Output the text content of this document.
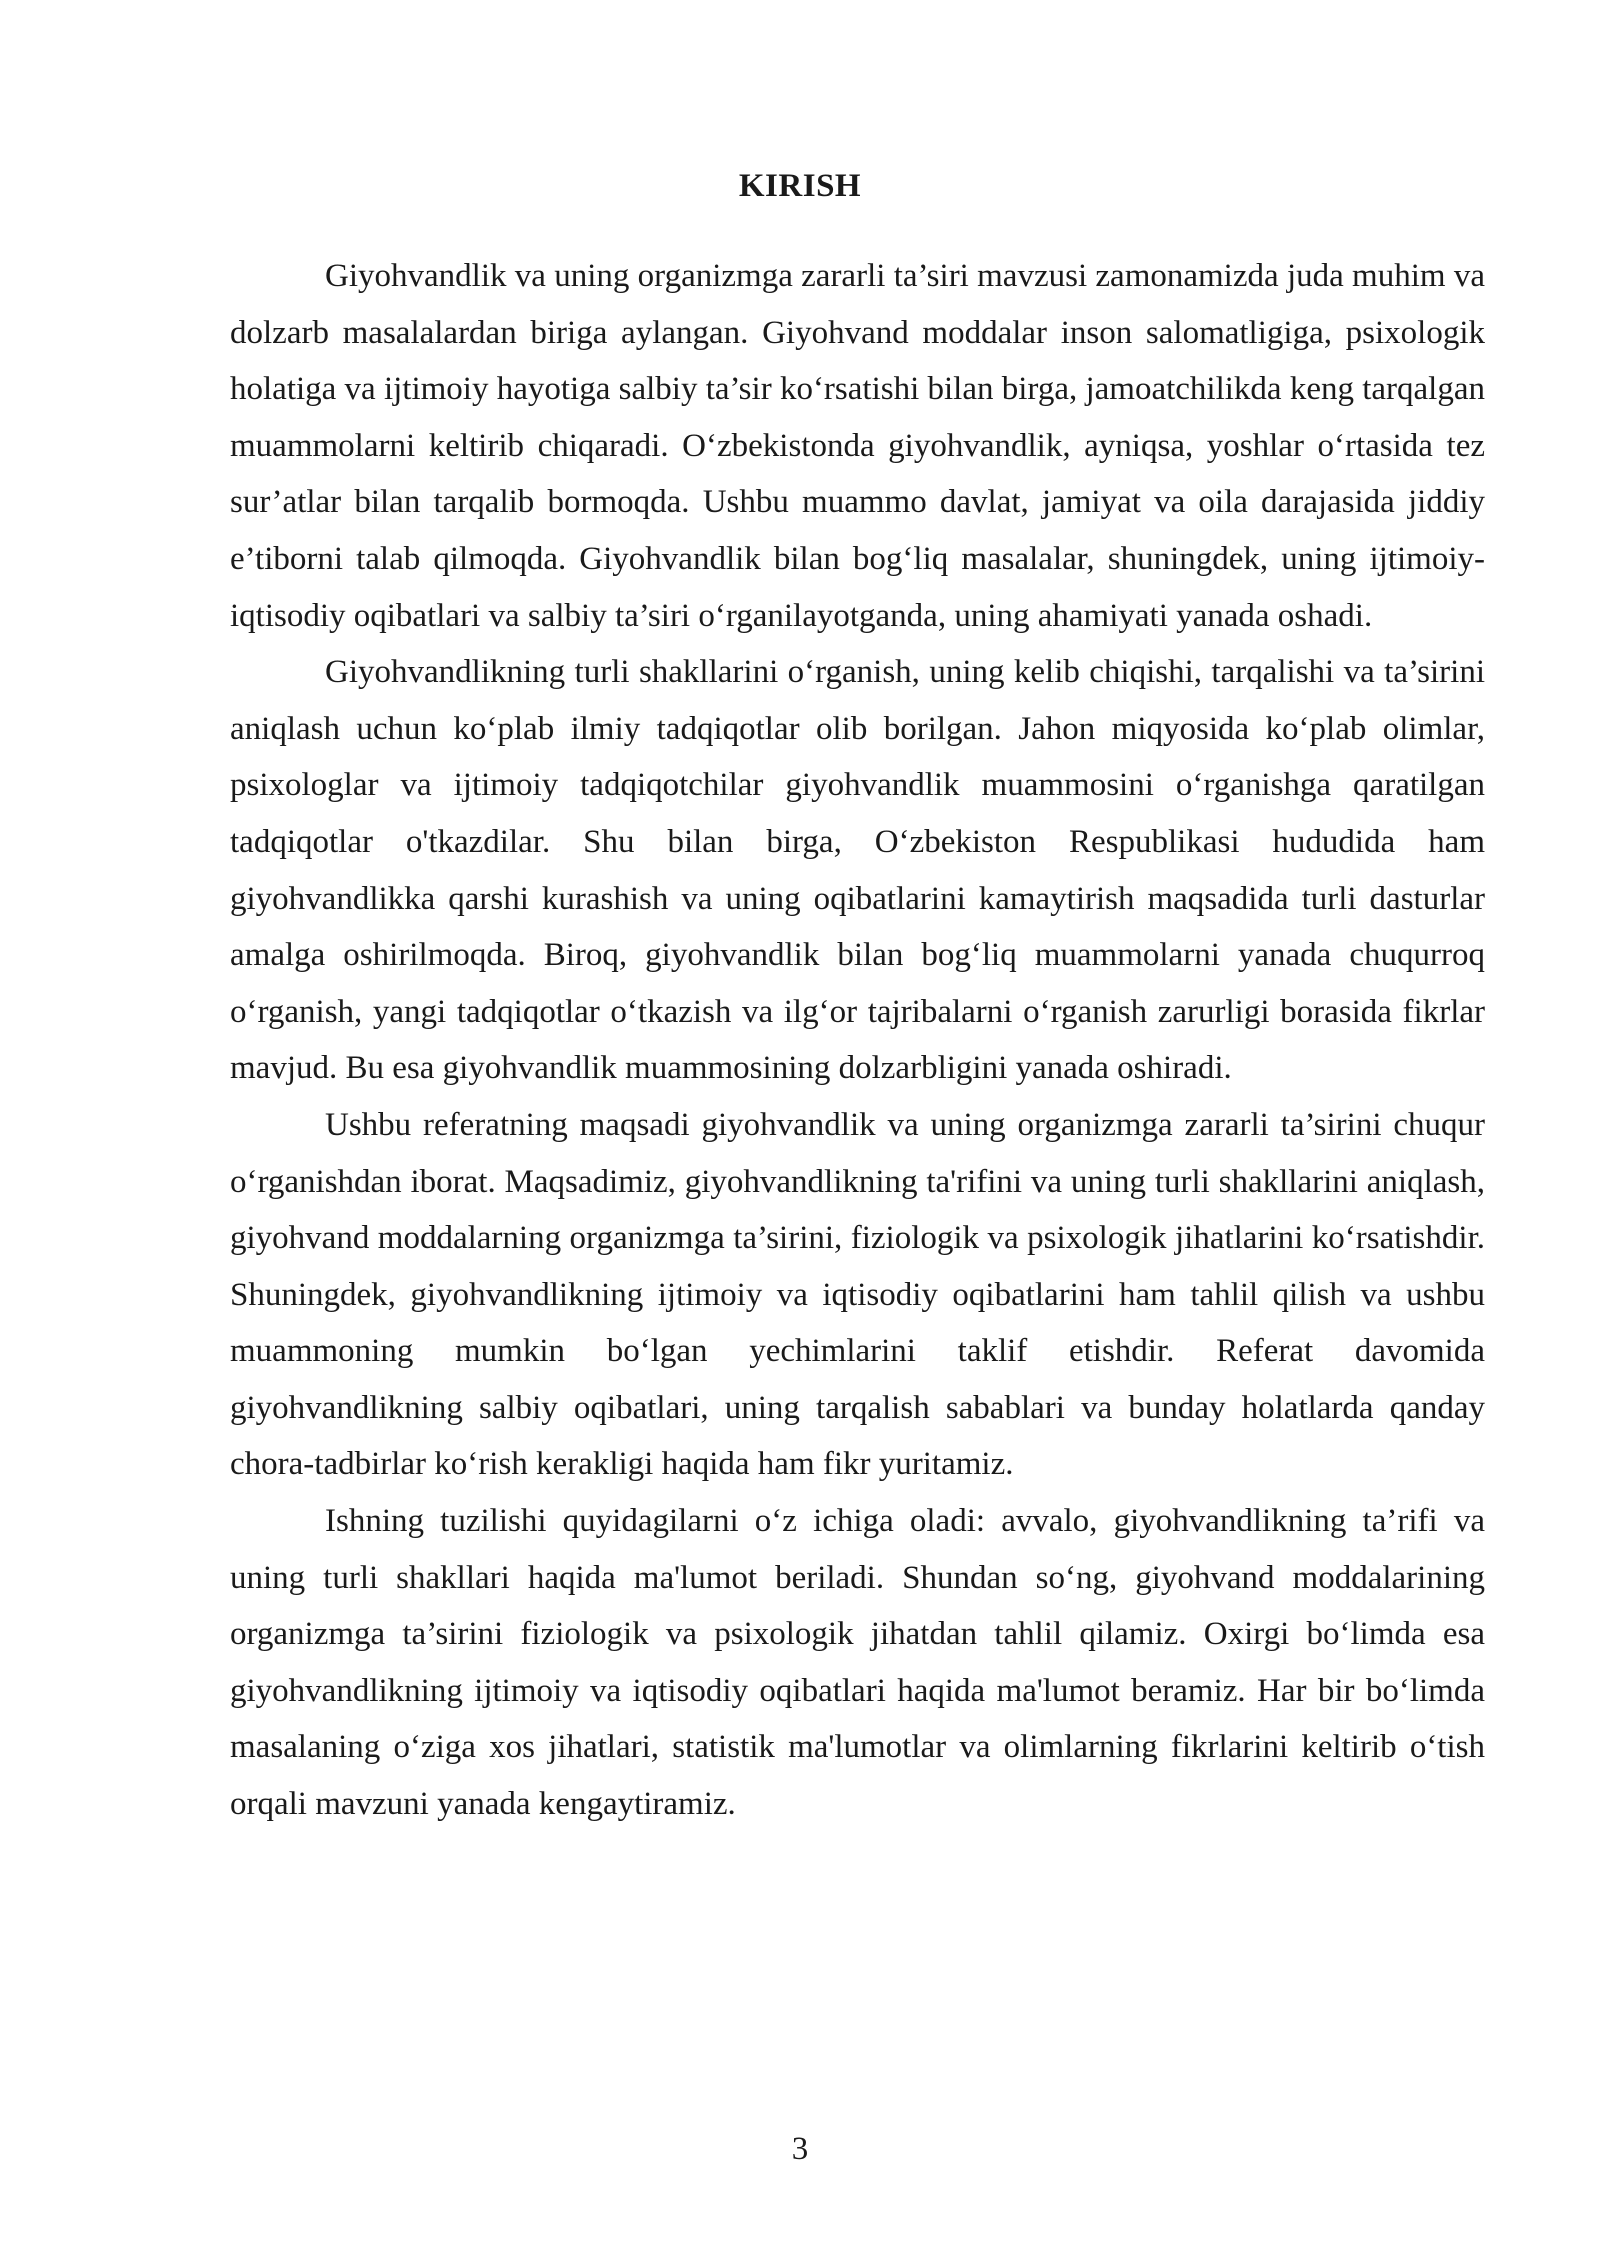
KIRISH

Giyohvandlik va uning organizmga zararli ta’siri mavzusi zamonamizda juda muhim va dolzarb masalalardan biriga aylangan. Giyohvand moddalar inson salomatligiga, psixologik holatiga va ijtimoiy hayotiga salbiy ta’sir ko‘rsatishi bilan birga, jamoatchilikda keng tarqalgan muammolarni keltirib chiqaradi. O‘zbekistonda giyohvandlik, ayniqsa, yoshlar o‘rtasida tez sur’atlar bilan tarqalib bormoqda. Ushbu muammo davlat, jamiyat va oila darajasida jiddiy e’tiborni talab qilmoqda. Giyohvandlik bilan bog‘liq masalalar, shuningdek, uning ijtimoiy-iqtisodiy oqibatlari va salbiy ta’siri o‘rganilayotganda, uning ahamiyati yanada oshadi.

Giyohvandlikning turli shakllarini o‘rganish, uning kelib chiqishi, tarqalishi va ta’sirini aniqlash uchun ko‘plab ilmiy tadqiqotlar olib borilgan. Jahon miqyosida ko‘plab olimlar, psixologlar va ijtimoiy tadqiqotchilar giyohvandlik muammosini o‘rganishga qaratilgan tadqiqotlar o'tkazdilar. Shu bilan birga, O‘zbekiston Respublikasi hududida ham giyohvandlikka qarshi kurashish va uning oqibatlarini kamaytirish maqsadida turli dasturlar amalga oshirilmoqda. Biroq, giyohvandlik bilan bog‘liq muammolarni yanada chuqurroq o‘rganish, yangi tadqiqotlar o‘tkazish va ilg‘or tajribalarni o‘rganish zarurligi borasida fikrlar mavjud. Bu esa giyohvandlik muammosining dolzarbligini yanada oshiradi.

Ushbu referatning maqsadi giyohvandlik va uning organizmga zararli ta’sirini chuqur o‘rganishdan iborat. Maqsadimiz, giyohvandlikning ta'rifini va uning turli shakllarini aniqlash, giyohvand moddalarning organizmga ta’sirini, fiziologik va psixologik jihatlarini ko‘rsatishdir. Shuningdek, giyohvandlikning ijtimoiy va iqtisodiy oqibatlarini ham tahlil qilish va ushbu muammoning mumkin bo‘lgan yechimlarini taklif etishdir. Referat davomida giyohvandlikning salbiy oqibatlari, uning tarqalish sabablari va bunday holatlarda qanday chora-tadbirlar ko‘rish kerakligi haqida ham fikr yuritamiz.

Ishning tuzilishi quyidagilarni o‘z ichiga oladi: avvalo, giyohvandlikning ta’rifi va uning turli shakllari haqida ma'lumot beriladi. Shundan so‘ng, giyohvand moddalarining organizmga ta’sirini fiziologik va psixologik jihatdan tahlil qilamiz. Oxirgi bo‘limda esa giyohvandlikning ijtimoiy va iqtisodiy oqibatlari haqida ma'lumot beramiz. Har bir bo‘limda masalaning o‘ziga xos jihatlari, statistik ma'lumotlar va olimlarning fikrlarini keltirib o‘tish orqali mavzuni yanada kengaytiramiz.

3
